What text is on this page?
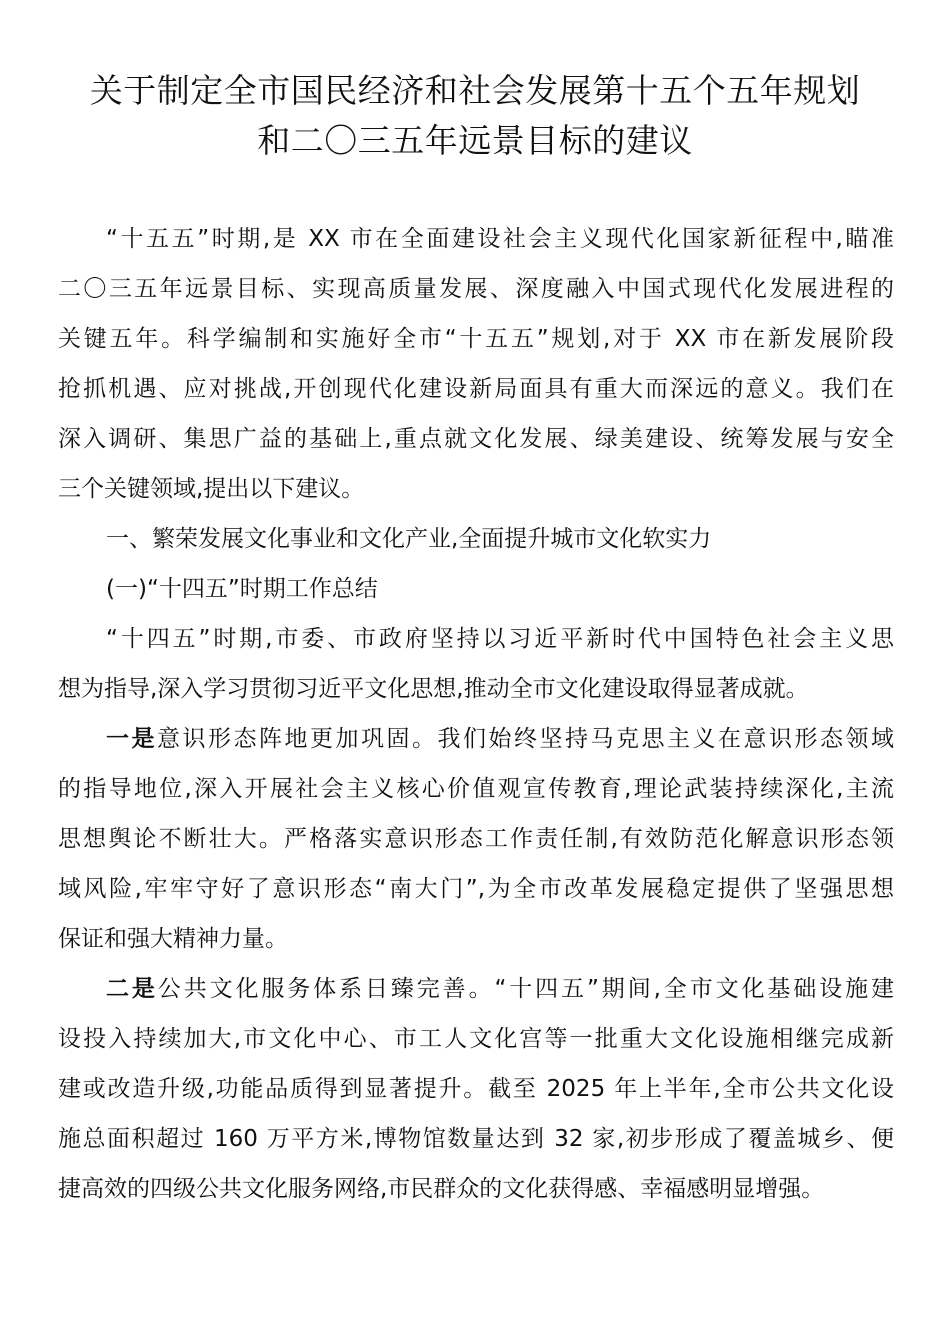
关于制定全市国民经济和社会发展第十五个五年规划
和二〇三五年远景目标的建议
“十五五”时期,是 XX 市在全面建设社会主义现代化国家新征程中,瞄准
二〇三五年远景目标、实现高质量发展、深度融入中国式现代化发展进程的
关键五年。科学编制和实施好全市“十五五”规划,对于 XX 市在新发展阶段
抢抓机遇、应对挑战,开创现代化建设新局面具有重大而深远的意义。我们在
深入调研、集思广益的基础上,重点就文化发展、绿美建设、统筹发展与安全
三个关键领域,提出以下建议。
一、繁荣发展文化事业和文化产业,全面提升城市文化软实力
(一)“十四五”时期工作总结
“十四五”时期,市委、市政府坚持以习近平新时代中国特色社会主义思
想为指导,深入学习贯彻习近平文化思想,推动全市文化建设取得显著成就。
一是意识形态阵地更加巩固。我们始终坚持马克思主义在意识形态领域
的指导地位,深入开展社会主义核心价值观宣传教育,理论武装持续深化,主流
思想舆论不断壮大。严格落实意识形态工作责任制,有效防范化解意识形态领
域风险,牢牢守好了意识形态“南大门”,为全市改革发展稳定提供了坚强思想
保证和强大精神力量。
二是公共文化服务体系日臻完善。“十四五”期间,全市文化基础设施建
设投入持续加大,市文化中心、市工人文化宫等一批重大文化设施相继完成新
建或改造升级,功能品质得到显著提升。截至 2025 年上半年,全市公共文化设
施总面积超过 160 万平方米,博物馆数量达到 32 家,初步形成了覆盖城乡、便
捷高效的四级公共文化服务网络,市民群众的文化获得感、幸福感明显增强。
